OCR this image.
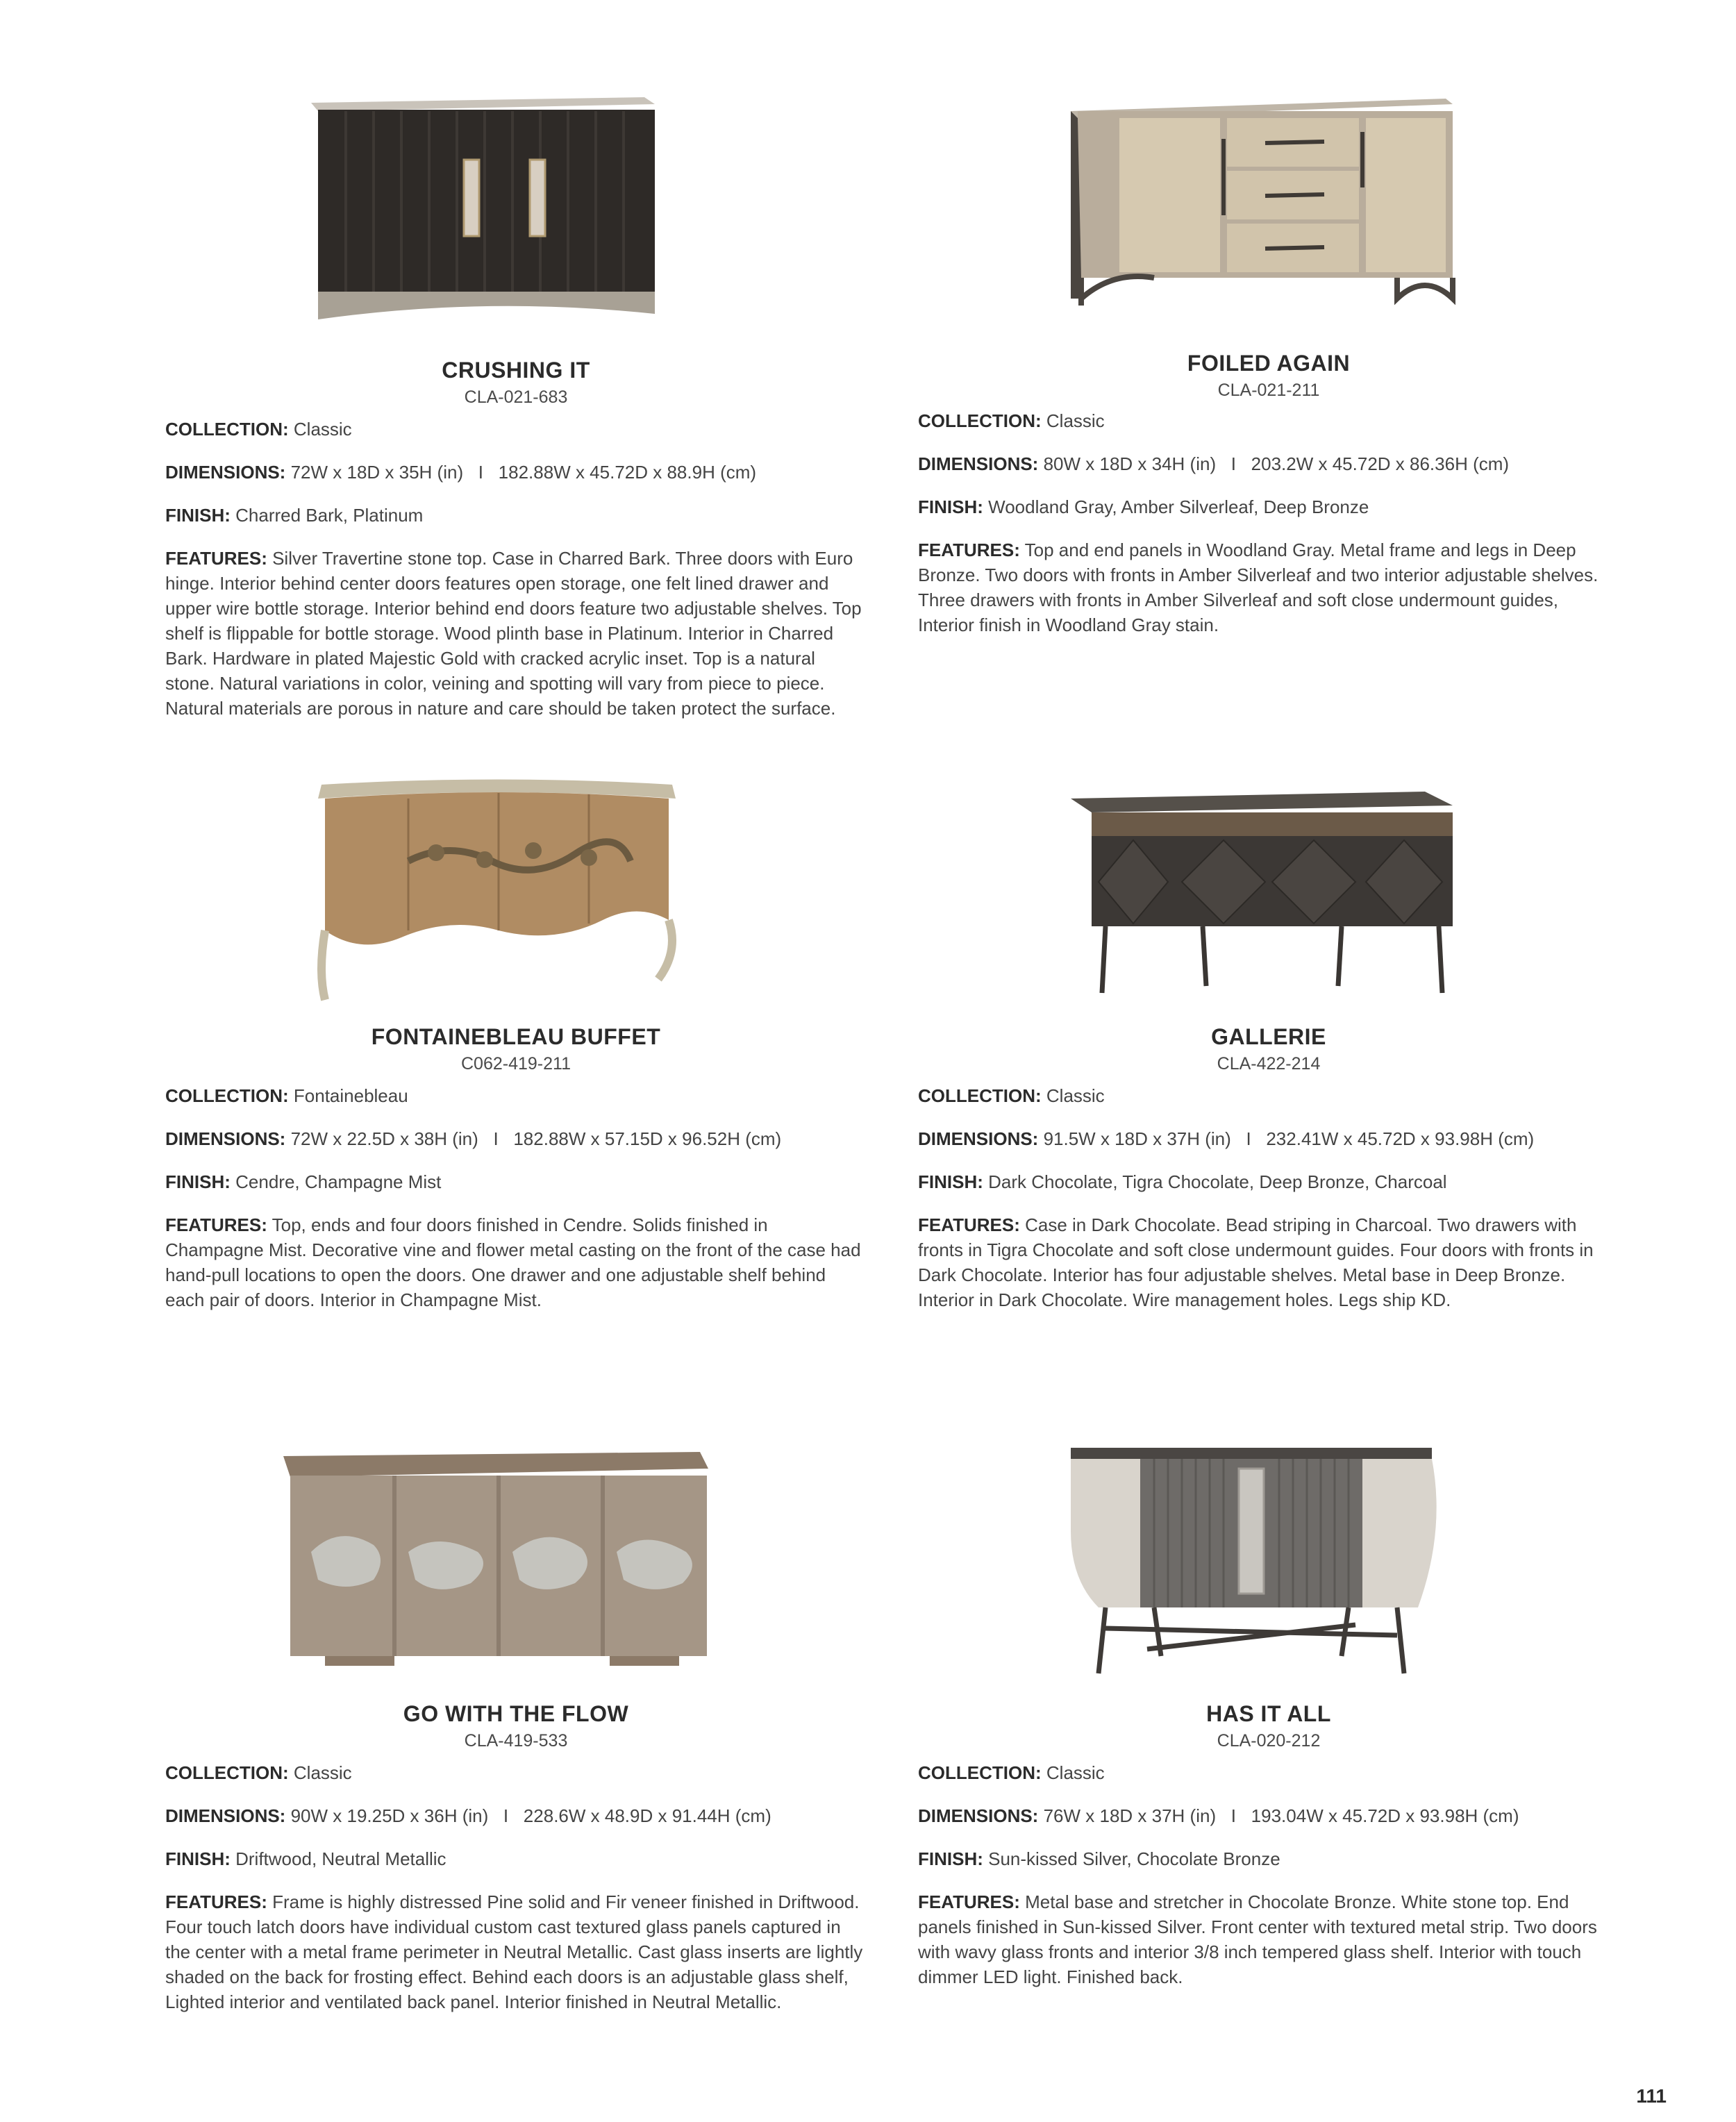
CRUSHING IT
CLA-021-683
COLLECTION: Classic
DIMENSIONS: 72W x 18D x 35H (in)   I   182.88W x 45.72D x 88.9H (cm)
FINISH: Charred Bark, Platinum
FEATURES: Silver Travertine stone top. Case in Charred Bark. Three doors with Euro hinge. Interior behind center doors features open storage, one felt lined drawer and upper wire bottle storage. Interior behind end doors feature two adjustable shelves. Top shelf is flippable for bottle storage. Wood plinth base in Platinum. Interior in Charred Bark. Hardware in plated Majestic Gold with cracked acrylic inset. Top is a natural stone. Natural variations in color, veining and spotting will vary from piece to piece. Natural materials are porous in nature and care should be taken protect the surface.
FOILED AGAIN
CLA-021-211
COLLECTION: Classic
DIMENSIONS: 80W x 18D x 34H (in)   I   203.2W x 45.72D x 86.36H (cm)
FINISH: Woodland Gray, Amber Silverleaf, Deep Bronze
FEATURES: Top and end panels in Woodland Gray. Metal frame and legs in Deep Bronze. Two doors with fronts in Amber Silverleaf and two interior adjustable shelves. Three drawers with fronts in Amber Silverleaf and soft close undermount guides, Interior finish in Woodland Gray stain.
FONTAINEBLEAU BUFFET
C062-419-211
COLLECTION: Fontainebleau
DIMENSIONS: 72W x 22.5D x 38H (in)   I   182.88W x 57.15D x 96.52H (cm)
FINISH: Cendre, Champagne Mist
FEATURES: Top, ends and four doors finished in Cendre. Solids finished in Champagne Mist. Decorative vine and flower metal casting on the front of the case had hand-pull locations to open the doors. One drawer and one adjustable shelf behind each pair of doors. Interior in Champagne Mist.
GALLERIE
CLA-422-214
COLLECTION: Classic
DIMENSIONS: 91.5W x 18D x 37H (in)   I   232.41W x 45.72D x 93.98H (cm)
FINISH: Dark Chocolate, Tigra Chocolate, Deep Bronze, Charcoal
FEATURES: Case in Dark Chocolate. Bead striping in Charcoal. Two drawers with fronts in Tigra Chocolate and soft close undermount guides. Four doors with fronts in Dark Chocolate. Interior has four adjustable shelves. Metal base in Deep Bronze. Interior in Dark Chocolate. Wire management holes. Legs ship KD.
GO WITH THE FLOW
CLA-419-533
COLLECTION: Classic
DIMENSIONS: 90W x 19.25D x 36H (in)   I   228.6W x 48.9D x 91.44H (cm)
FINISH: Driftwood, Neutral Metallic
FEATURES: Frame is highly distressed Pine solid and Fir veneer finished in Driftwood. Four touch latch doors have individual custom cast textured glass panels captured in the center with a metal frame perimeter in Neutral Metallic. Cast glass inserts are lightly shaded on the back for frosting effect. Behind each doors is an adjustable glass shelf, Lighted interior and ventilated back panel. Interior finished in Neutral Metallic.
HAS IT ALL
CLA-020-212
COLLECTION: Classic
DIMENSIONS: 76W x 18D x 37H (in)   I   193.04W x 45.72D x 93.98H (cm)
FINISH: Sun-kissed Silver, Chocolate Bronze
FEATURES: Metal base and stretcher in Chocolate Bronze. White stone top. End panels finished in Sun-kissed Silver. Front center with textured metal strip. Two doors with wavy glass fronts and interior 3/8 inch tempered glass shelf. Interior with touch dimmer LED light. Finished back.
111
